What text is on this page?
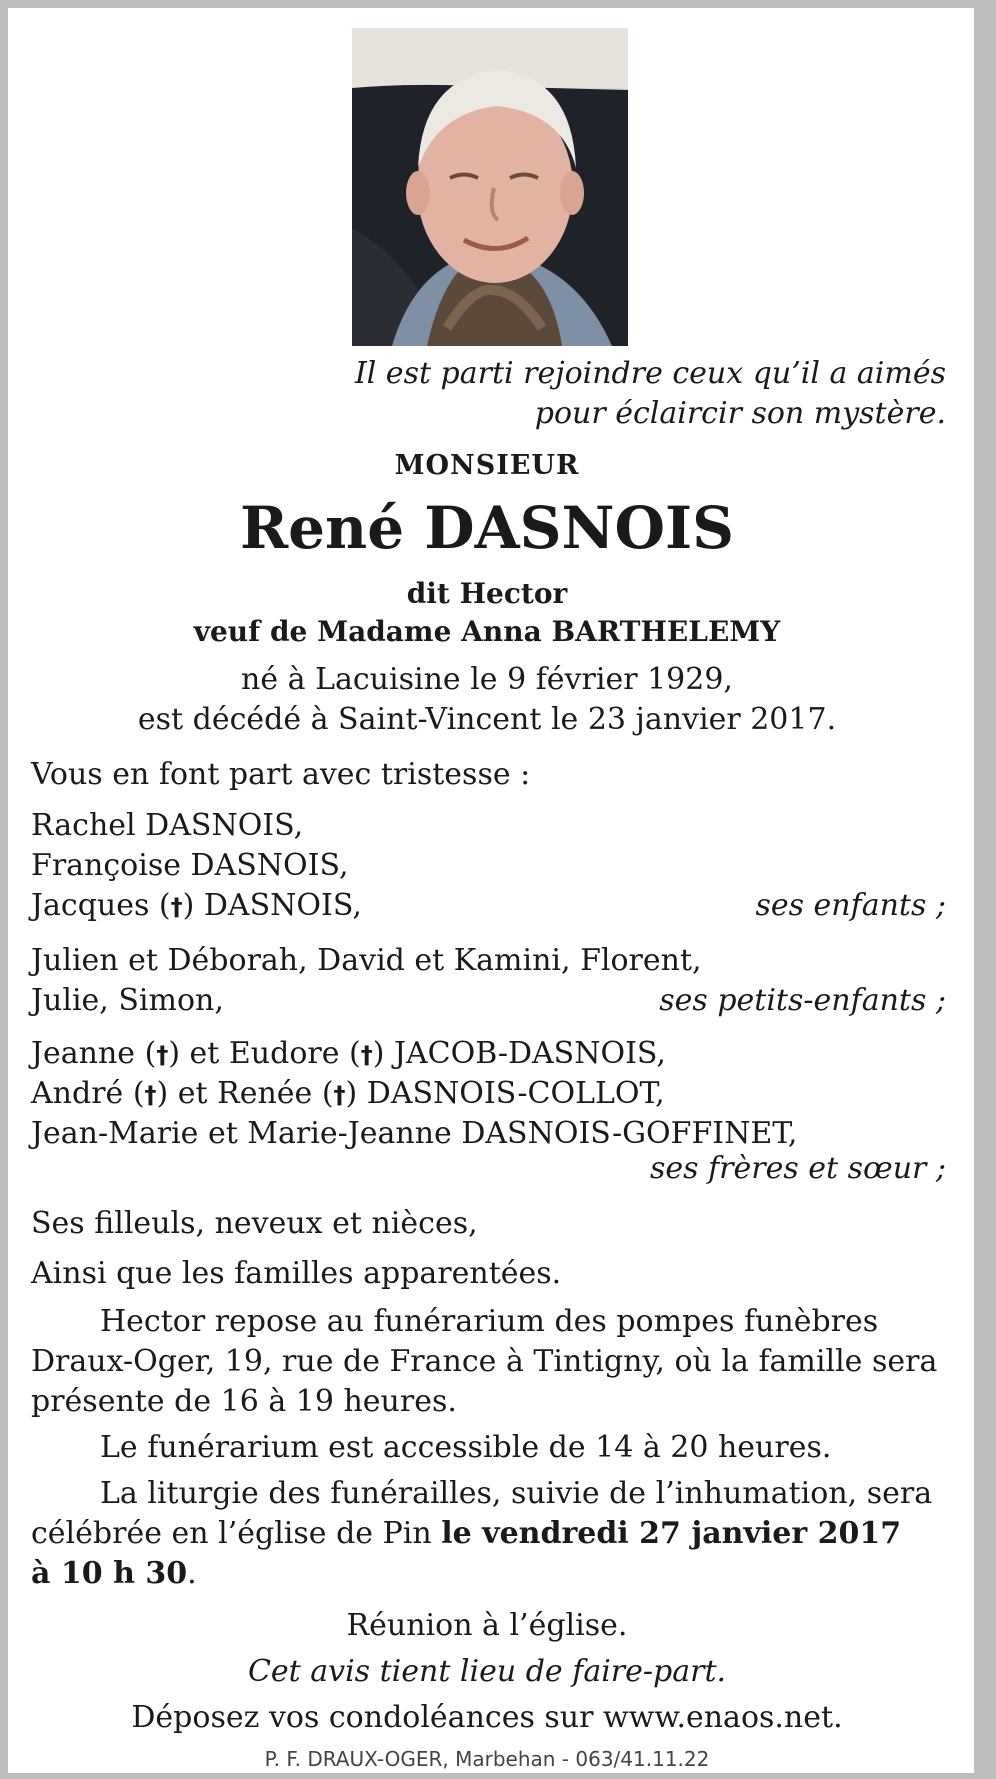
Il est parti rejoindre ceux qu’il a aimés
pour éclaircir son mystère.
MONSIEUR
René DASNOIS
dit Hector
veuf de Madame Anna BARTHELEMY
né à Lacuisine le 9 février 1929,
est décédé à Saint-Vincent le 23 janvier 2017.
Vous en font part avec tristesse :
Rachel DASNOIS,
Françoise DASNOIS,
Jacques (†) DASNOIS,	ses enfants ;
Julien et Déborah, David et Kamini, Florent,
Julie, Simon,	ses petits-enfants ;
Jeanne (†) et Eudore (†) JACOB-DASNOIS,
André (†) et Renée (†) DASNOIS-COLLOT,
Jean-Marie et Marie-Jeanne DASNOIS-GOFFINET,
ses frères et sœur ;
Ses filleuls, neveux et nièces,
Ainsi que les familles apparentées.
Hector repose au funérarium des pompes funèbres
Draux-Oger, 19, rue de France à Tintigny, où la famille sera
présente de 16 à 19 heures.
Le funérarium est accessible de 14 à 20 heures.
La liturgie des funérailles, suivie de l’inhumation, sera
célébrée en l’église de Pin le vendredi 27 janvier 2017
à 10 h 30.
Réunion à l’église.
Cet avis tient lieu de faire-part.
Déposez vos condoléances sur www.enaos.net.
P. F. DRAUX-OGER, Marbehan - 063/41.11.22
